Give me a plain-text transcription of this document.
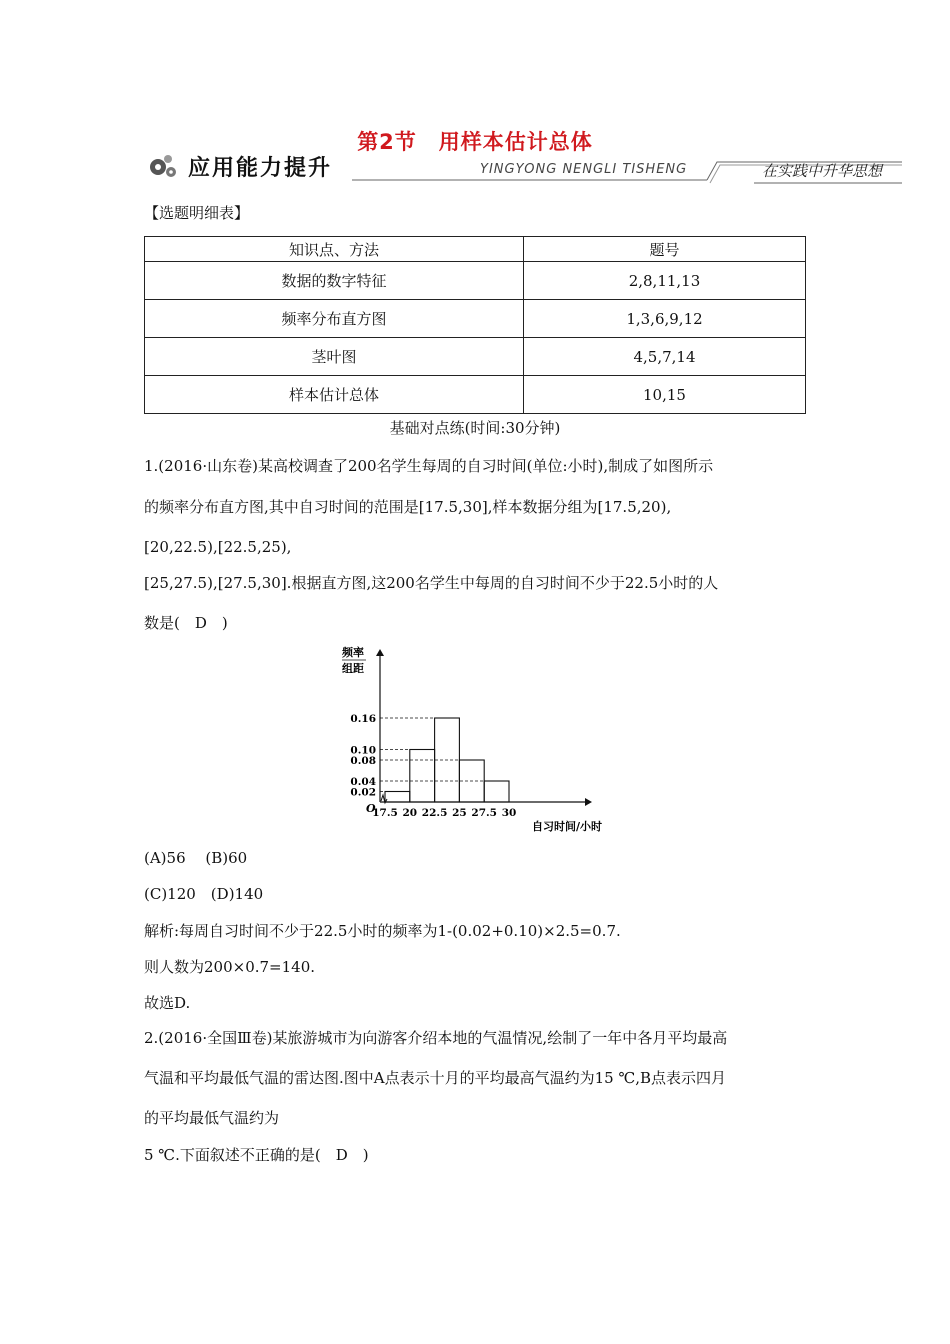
第2节　用样本估计总体
应用能力提升	YINGYONG NENGLI TISHENG	在实践中升华思想
【选题明细表】
知识点、方法	题号
数据的数字特征	2,8,11,13
频率分布直方图	1,3,6,9,12
茎叶图	4,5,7,14
样本估计总体	10,15
基础对点练(时间:30分钟)
1.(2016·山东卷)某高校调查了200名学生每周的自习时间(单位:小时),制成了如图所示
的频率分布直方图,其中自习时间的范围是[17.5,30],样本数据分组为[17.5,20),
[20,22.5),[22.5,25),
[25,27.5),[27.5,30].根据直方图,这200名学生中每周的自习时间不少于22.5小时的人
数是(　D　)
频率
组距
0.02
0.04
0.08
0.10
0.16
17.5 20 22.5 25 27.5 30
O
自习时间/小时
(A)56　 (B)60
(C)120　(D)140
解析:每周自习时间不少于22.5小时的频率为1-(0.02+0.10)×2.5=0.7.
则人数为200×0.7=140.
故选D.
2.(2016·全国Ⅲ卷)某旅游城市为向游客介绍本地的气温情况,绘制了一年中各月平均最高
气温和平均最低气温的雷达图.图中A点表示十月的平均最高气温约为15 ℃,B点表示四月
的平均最低气温约为
5 ℃.下面叙述不正确的是(　D　)
